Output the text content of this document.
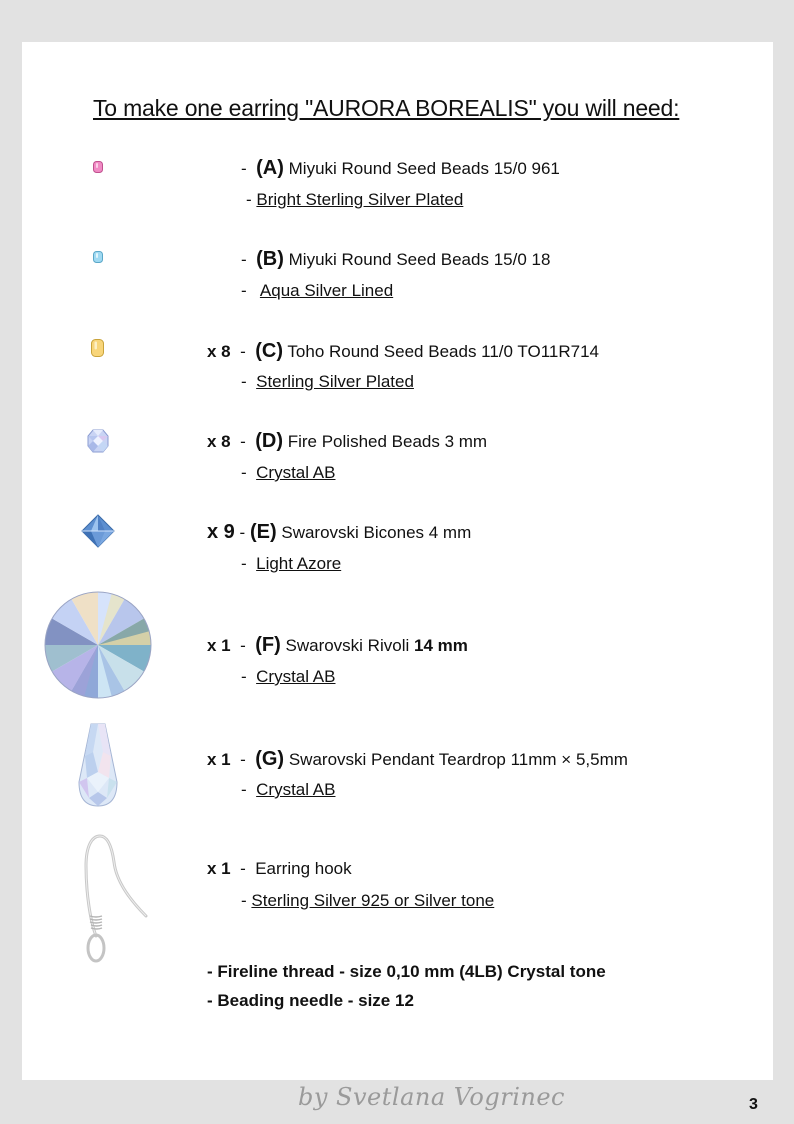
To make one earring "AURORA BOREALIS" you will need:
- (A) Miyuki Round Seed Beads 15/0 961
- Bright Sterling Silver Plated
- (B) Miyuki Round Seed Beads 15/0 18
- Aqua Silver Lined
x 8 - (C) Toho Round Seed Beads 11/0 TO11R714
- Sterling Silver Plated
x 8 - (D) Fire Polished Beads 3 mm
- Crystal AB
x 9 - (E) Swarovski Bicones 4 mm
- Light Azore
x 1 - (F) Swarovski Rivoli 14 mm
- Crystal AB
x 1 - (G) Swarovski Pendant Teardrop 11mm × 5,5mm
- Crystal AB
x 1 - Earring hook
- Sterling Silver 925 or Silver tone
- Fireline thread - size 0,10 mm (4LB) Crystal tone
- Beading needle - size 12
by Svetlana Vogrinec	3
